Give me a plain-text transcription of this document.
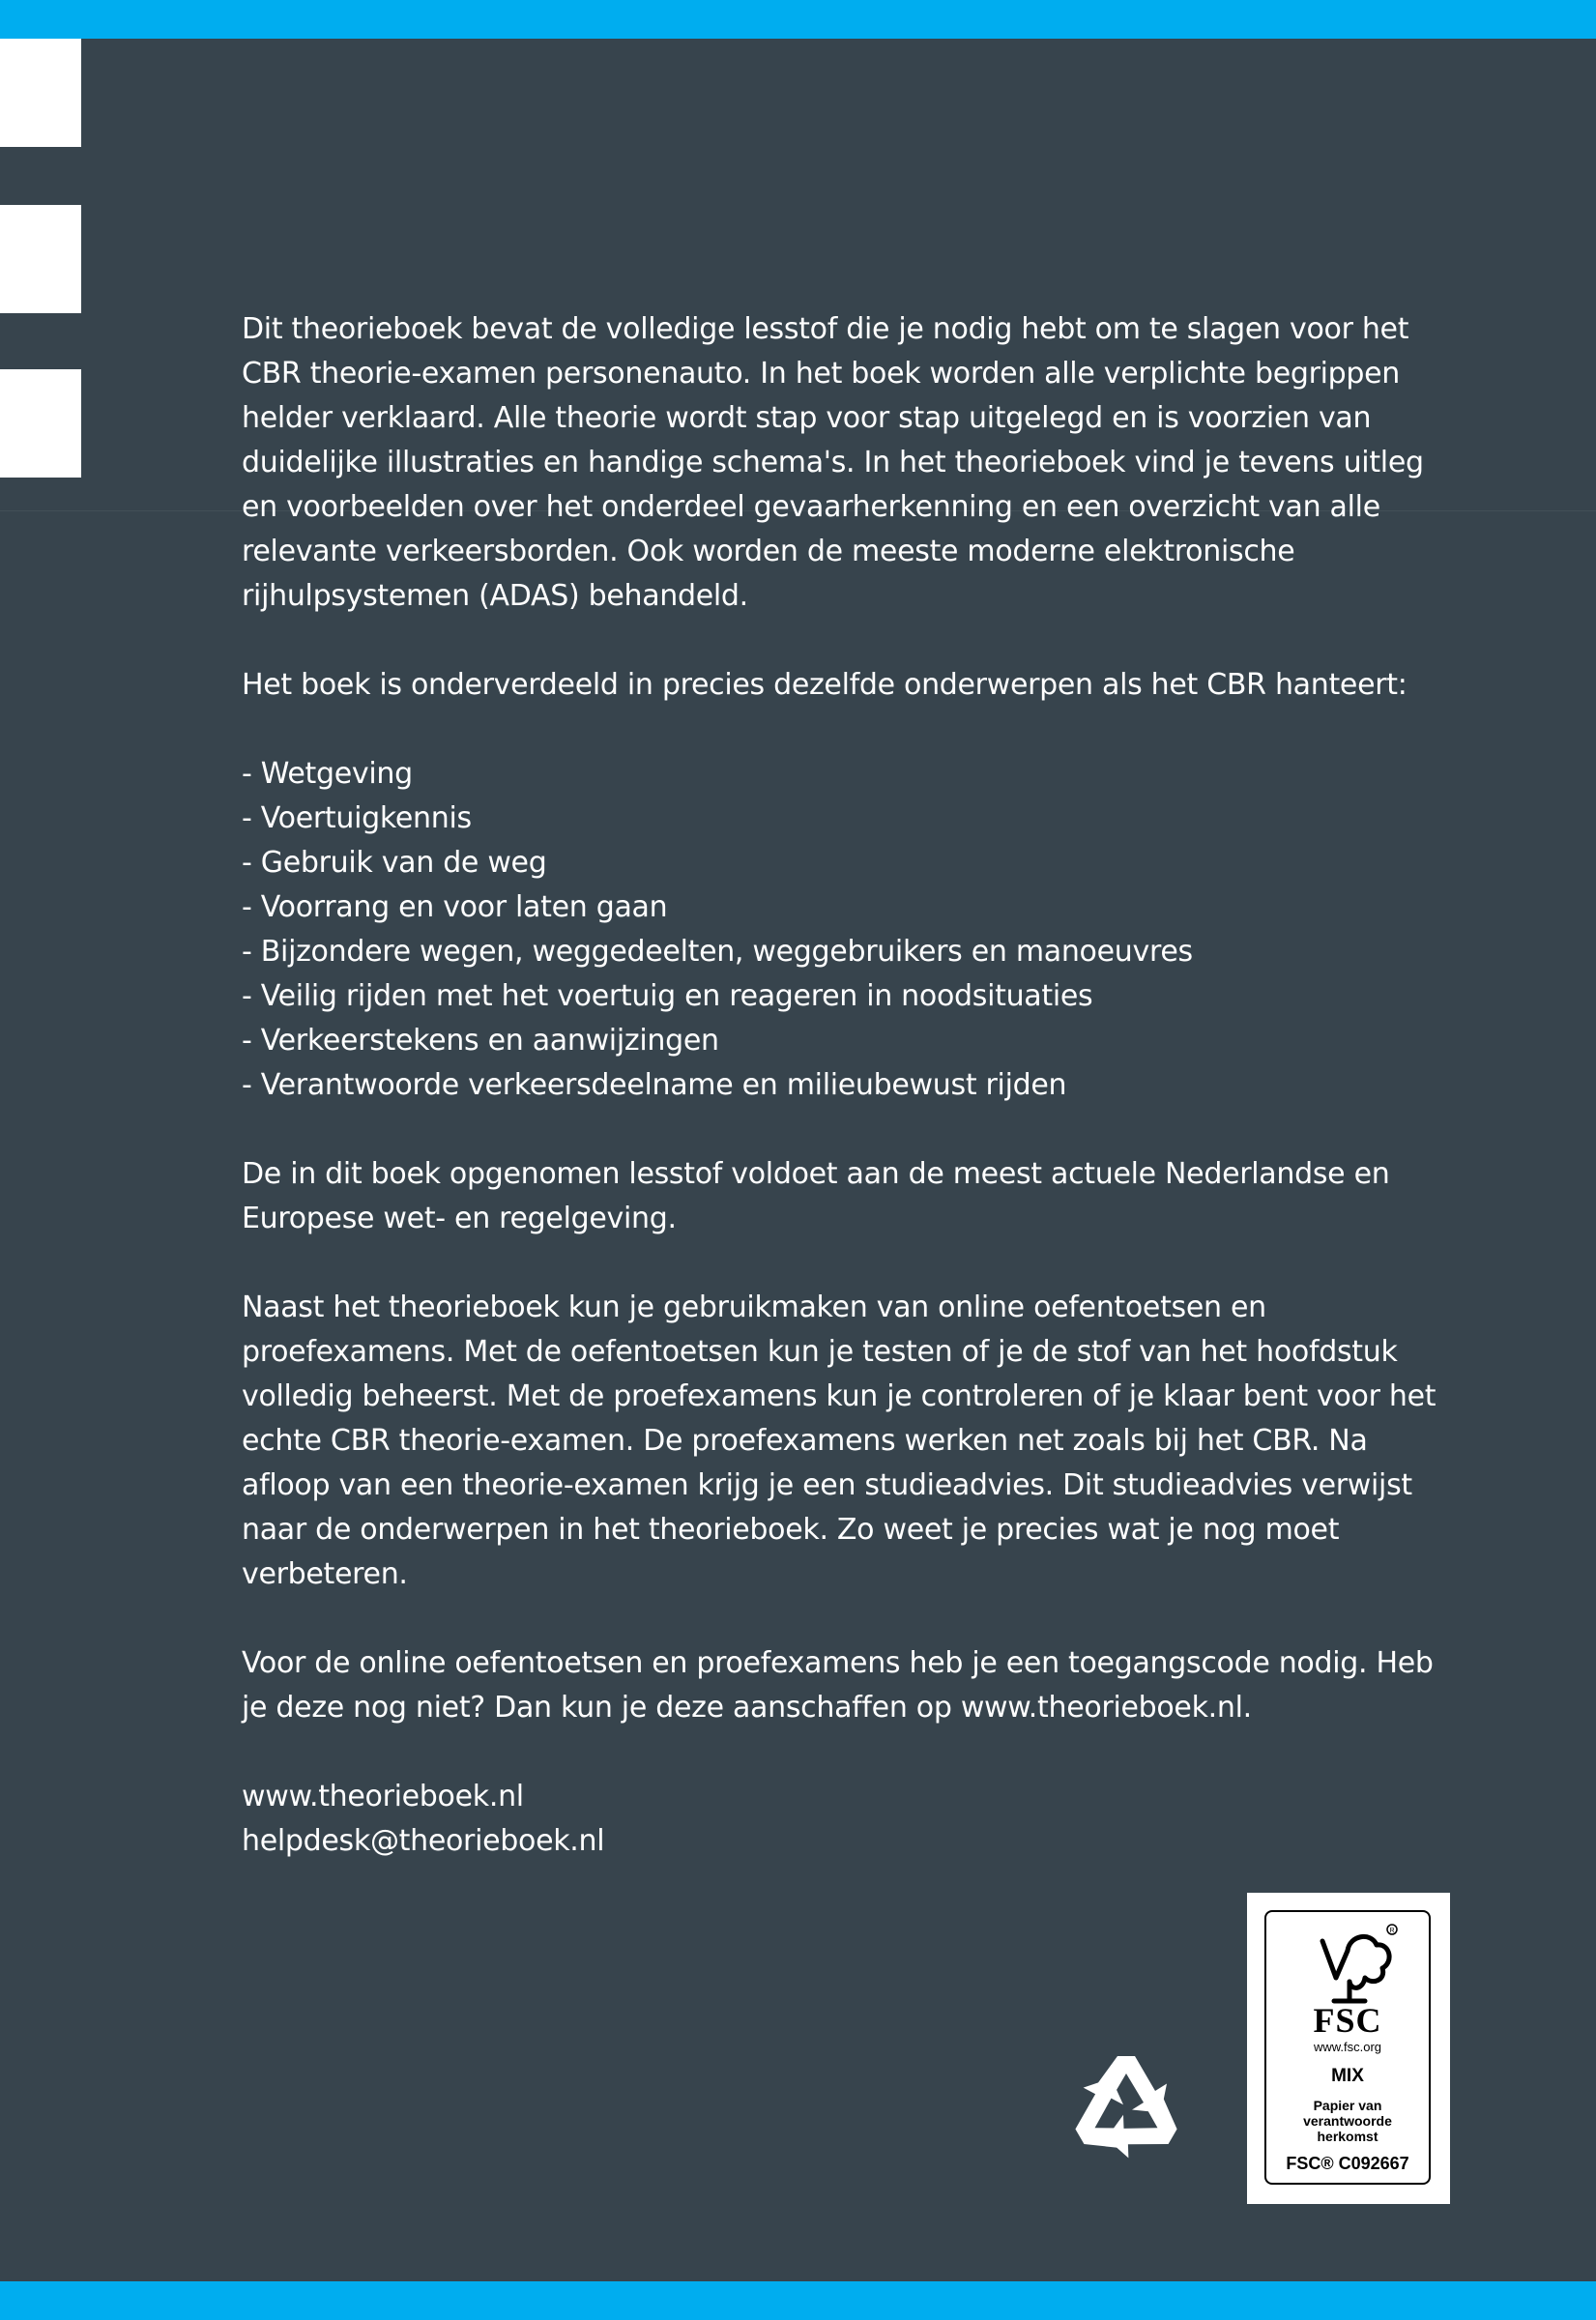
Dit theorieboek bevat de volledige lesstof die je nodig hebt om te slagen voor het CBR theorie-examen personenauto. In het boek worden alle verplichte begrippen helder verklaard. Alle theorie wordt stap voor stap uitgelegd en is voorzien van duidelijke illustraties en handige schema's. In het theorieboek vind je tevens uitleg en voorbeelden over het onderdeel gevaarherkenning en een overzicht van alle relevante verkeersborden. Ook worden de meeste moderne elektronische rijhulpsystemen (ADAS) behandeld.

Het boek is onderverdeeld in precies dezelfde onderwerpen als het CBR hanteert:

- Wetgeving
- Voertuigkennis
- Gebruik van de weg
- Voorrang en voor laten gaan
- Bijzondere wegen, weggedeelten, weggebruikers en manoeuvres
- Veilig rijden met het voertuig en reageren in noodsituaties
- Verkeerstekens en aanwijzingen
- Verantwoorde verkeersdeelname en milieubewust rijden

De in dit boek opgenomen lesstof voldoet aan de meest actuele Nederlandse en Europese wet- en regelgeving.

Naast het theorieboek kun je gebruikmaken van online oefentoetsen en proefexamens. Met de oefentoetsen kun je testen of je de stof van het hoofdstuk volledig beheerst. Met de proefexamens kun je controleren of je klaar bent voor het echte CBR theorie-examen. De proefexamens werken net zoals bij het CBR. Na afloop van een theorie-examen krijg je een studieadvies. Dit studieadvies verwijst naar de onderwerpen in het theorieboek. Zo weet je precies wat je nog moet verbeteren.

Voor de online oefentoetsen en proefexamens heb je een toegangscode nodig. Heb je deze nog niet? Dan kun je deze aanschaffen op www.theorieboek.nl.

www.theorieboek.nl
helpdesk@theorieboek.nl
R
FSC
www.fsc.org
MIX
Papier van
verantwoorde
herkomst
FSC® C092667
